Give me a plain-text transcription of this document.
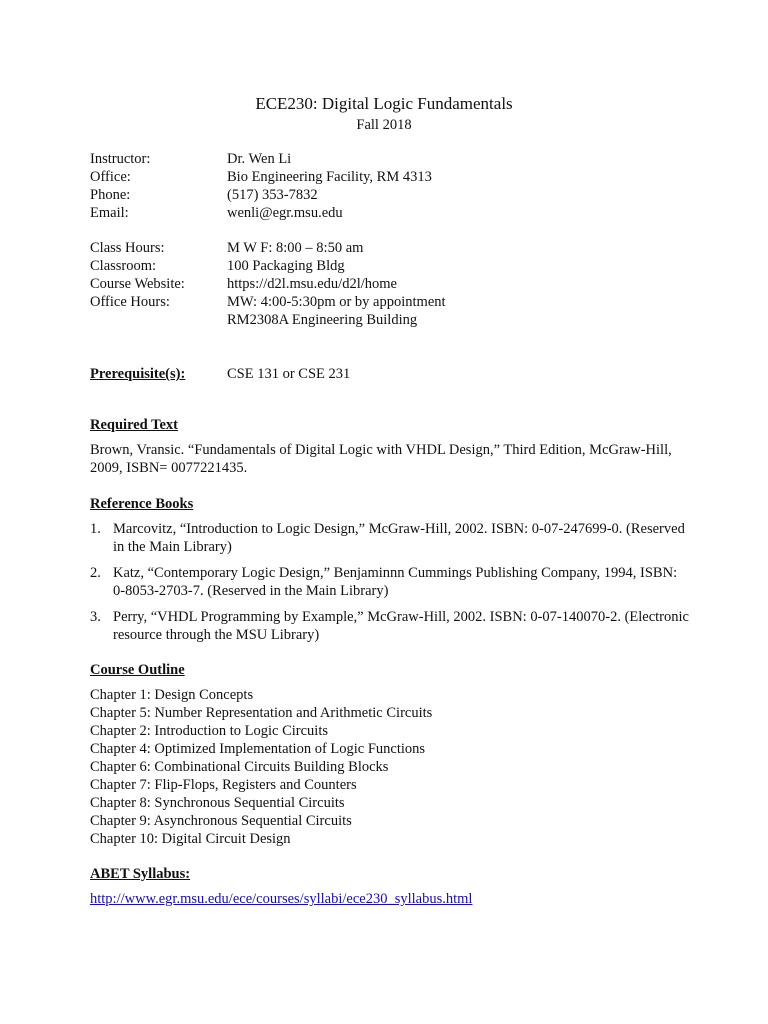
ECE230: Digital Logic Fundamentals
Fall 2018
Instructor:	Dr. Wen Li
Office:	Bio Engineering Facility, RM 4313
Phone:	(517) 353-7832
Email:	wenli@egr.msu.edu
Class Hours:	M W F: 8:00 – 8:50 am
Classroom:	100 Packaging Bldg
Course Website:	https://d2l.msu.edu/d2l/home
Office Hours:	MW: 4:00-5:30pm or by appointment
RM2308A Engineering Building
Prerequisite(s):	CSE 131 or CSE 231
Required Text
Brown, Vransic. “Fundamentals of Digital Logic with VHDL Design,” Third Edition, McGraw-Hill, 2009, ISBN= 0077221435.
Reference Books
1. Marcovitz, “Introduction to Logic Design,” McGraw-Hill, 2002. ISBN: 0-07-247699-0. (Reserved in the Main Library)
2. Katz, “Contemporary Logic Design,” Benjaminnn Cummings Publishing Company, 1994, ISBN: 0-8053-2703-7. (Reserved in the Main Library)
3. Perry, “VHDL Programming by Example,” McGraw-Hill, 2002. ISBN: 0-07-140070-2. (Electronic resource through the MSU Library)
Course Outline
Chapter 1: Design Concepts
Chapter 5: Number Representation and Arithmetic Circuits
Chapter 2: Introduction to Logic Circuits
Chapter 4: Optimized Implementation of Logic Functions
Chapter 6: Combinational Circuits Building Blocks
Chapter 7: Flip-Flops, Registers and Counters
Chapter 8: Synchronous Sequential Circuits
Chapter 9: Asynchronous Sequential Circuits
Chapter 10: Digital Circuit Design
ABET Syllabus:
http://www.egr.msu.edu/ece/courses/syllabi/ece230_syllabus.html
